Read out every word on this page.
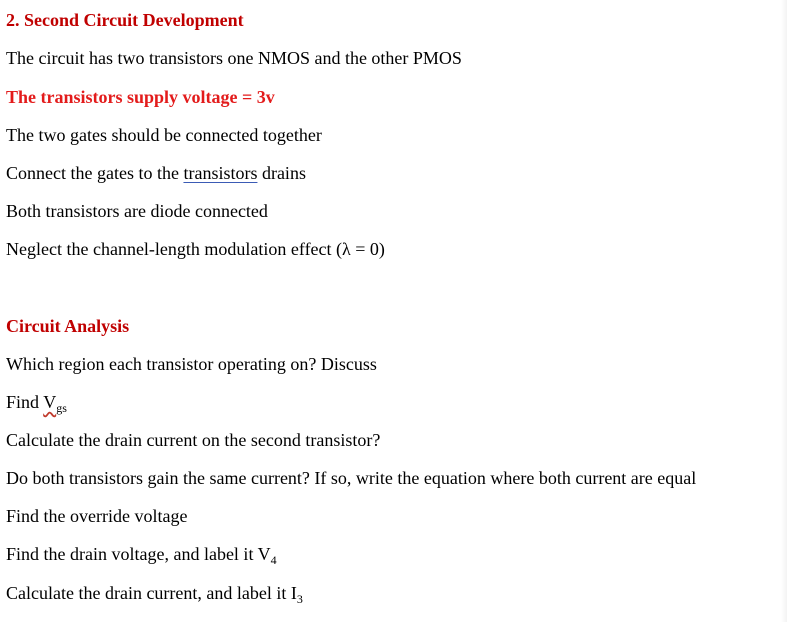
2. Second Circuit Development
The circuit has two transistors one NMOS and the other PMOS
The transistors supply voltage = 3v
The two gates should be connected together
Connect the gates to the transistors drains
Both transistors are diode connected
Neglect the channel-length modulation effect (λ = 0)
Circuit Analysis
Which region each transistor operating on? Discuss
Find $V_{gs}$
Calculate the drain current on the second transistor?
Do both transistors gain the same current? If so, write the equation where both current are equal
Find the override voltage
Find the drain voltage, and label it $V_4$
Calculate the drain current, and label it $I_3$
